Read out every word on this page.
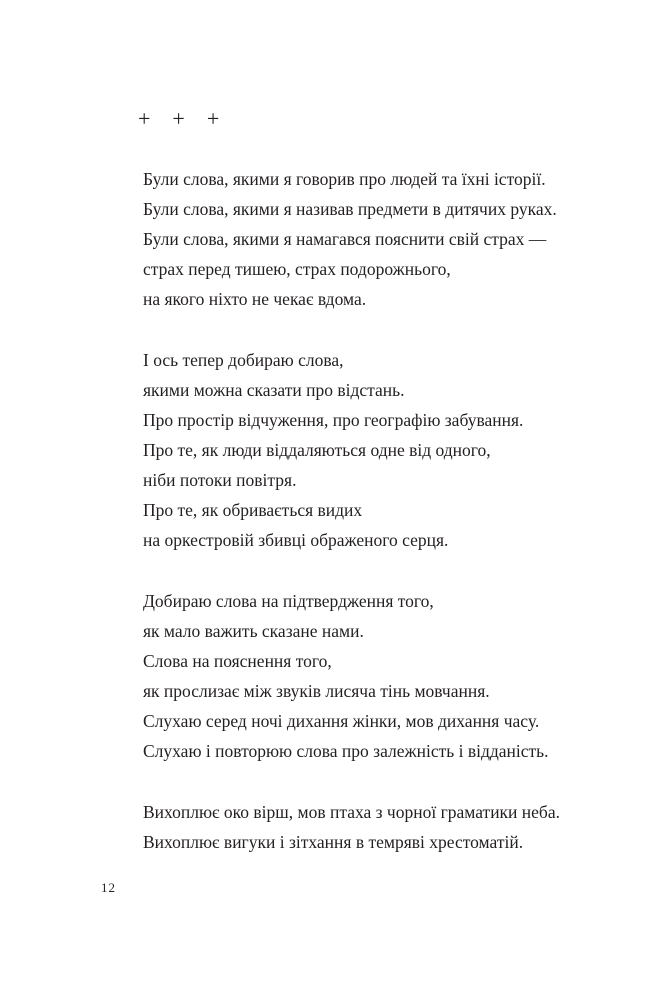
+    +    +
Були слова, якими я говорив про людей та їхні історії.
Були слова, якими я називав предмети в дитячих руках.
Були слова, якими я намагався пояснити свій страх —
страх перед тишею, страх подорожнього,
на якого ніхто не чекає вдома.
І ось тепер добираю слова,
якими можна сказати про відстань.
Про простір відчуження, про географію забування.
Про те, як люди віддаляються одне від одного,
ніби потоки повітря.
Про те, як обривається видих
на оркестровій збивці ображеного серця.
Добираю слова на підтвердження того,
як мало важить сказане нами.
Слова на пояснення того,
як прослизає між звуків лисяча тінь мовчання.
Слухаю серед ночі дихання жінки, мов дихання часу.
Слухаю і повторюю слова про залежність і відданість.
Вихоплює око вірш, мов птаха з чорної граматики неба.
Вихоплює вигуки і зітхання в темряві хрестоматій.
12
